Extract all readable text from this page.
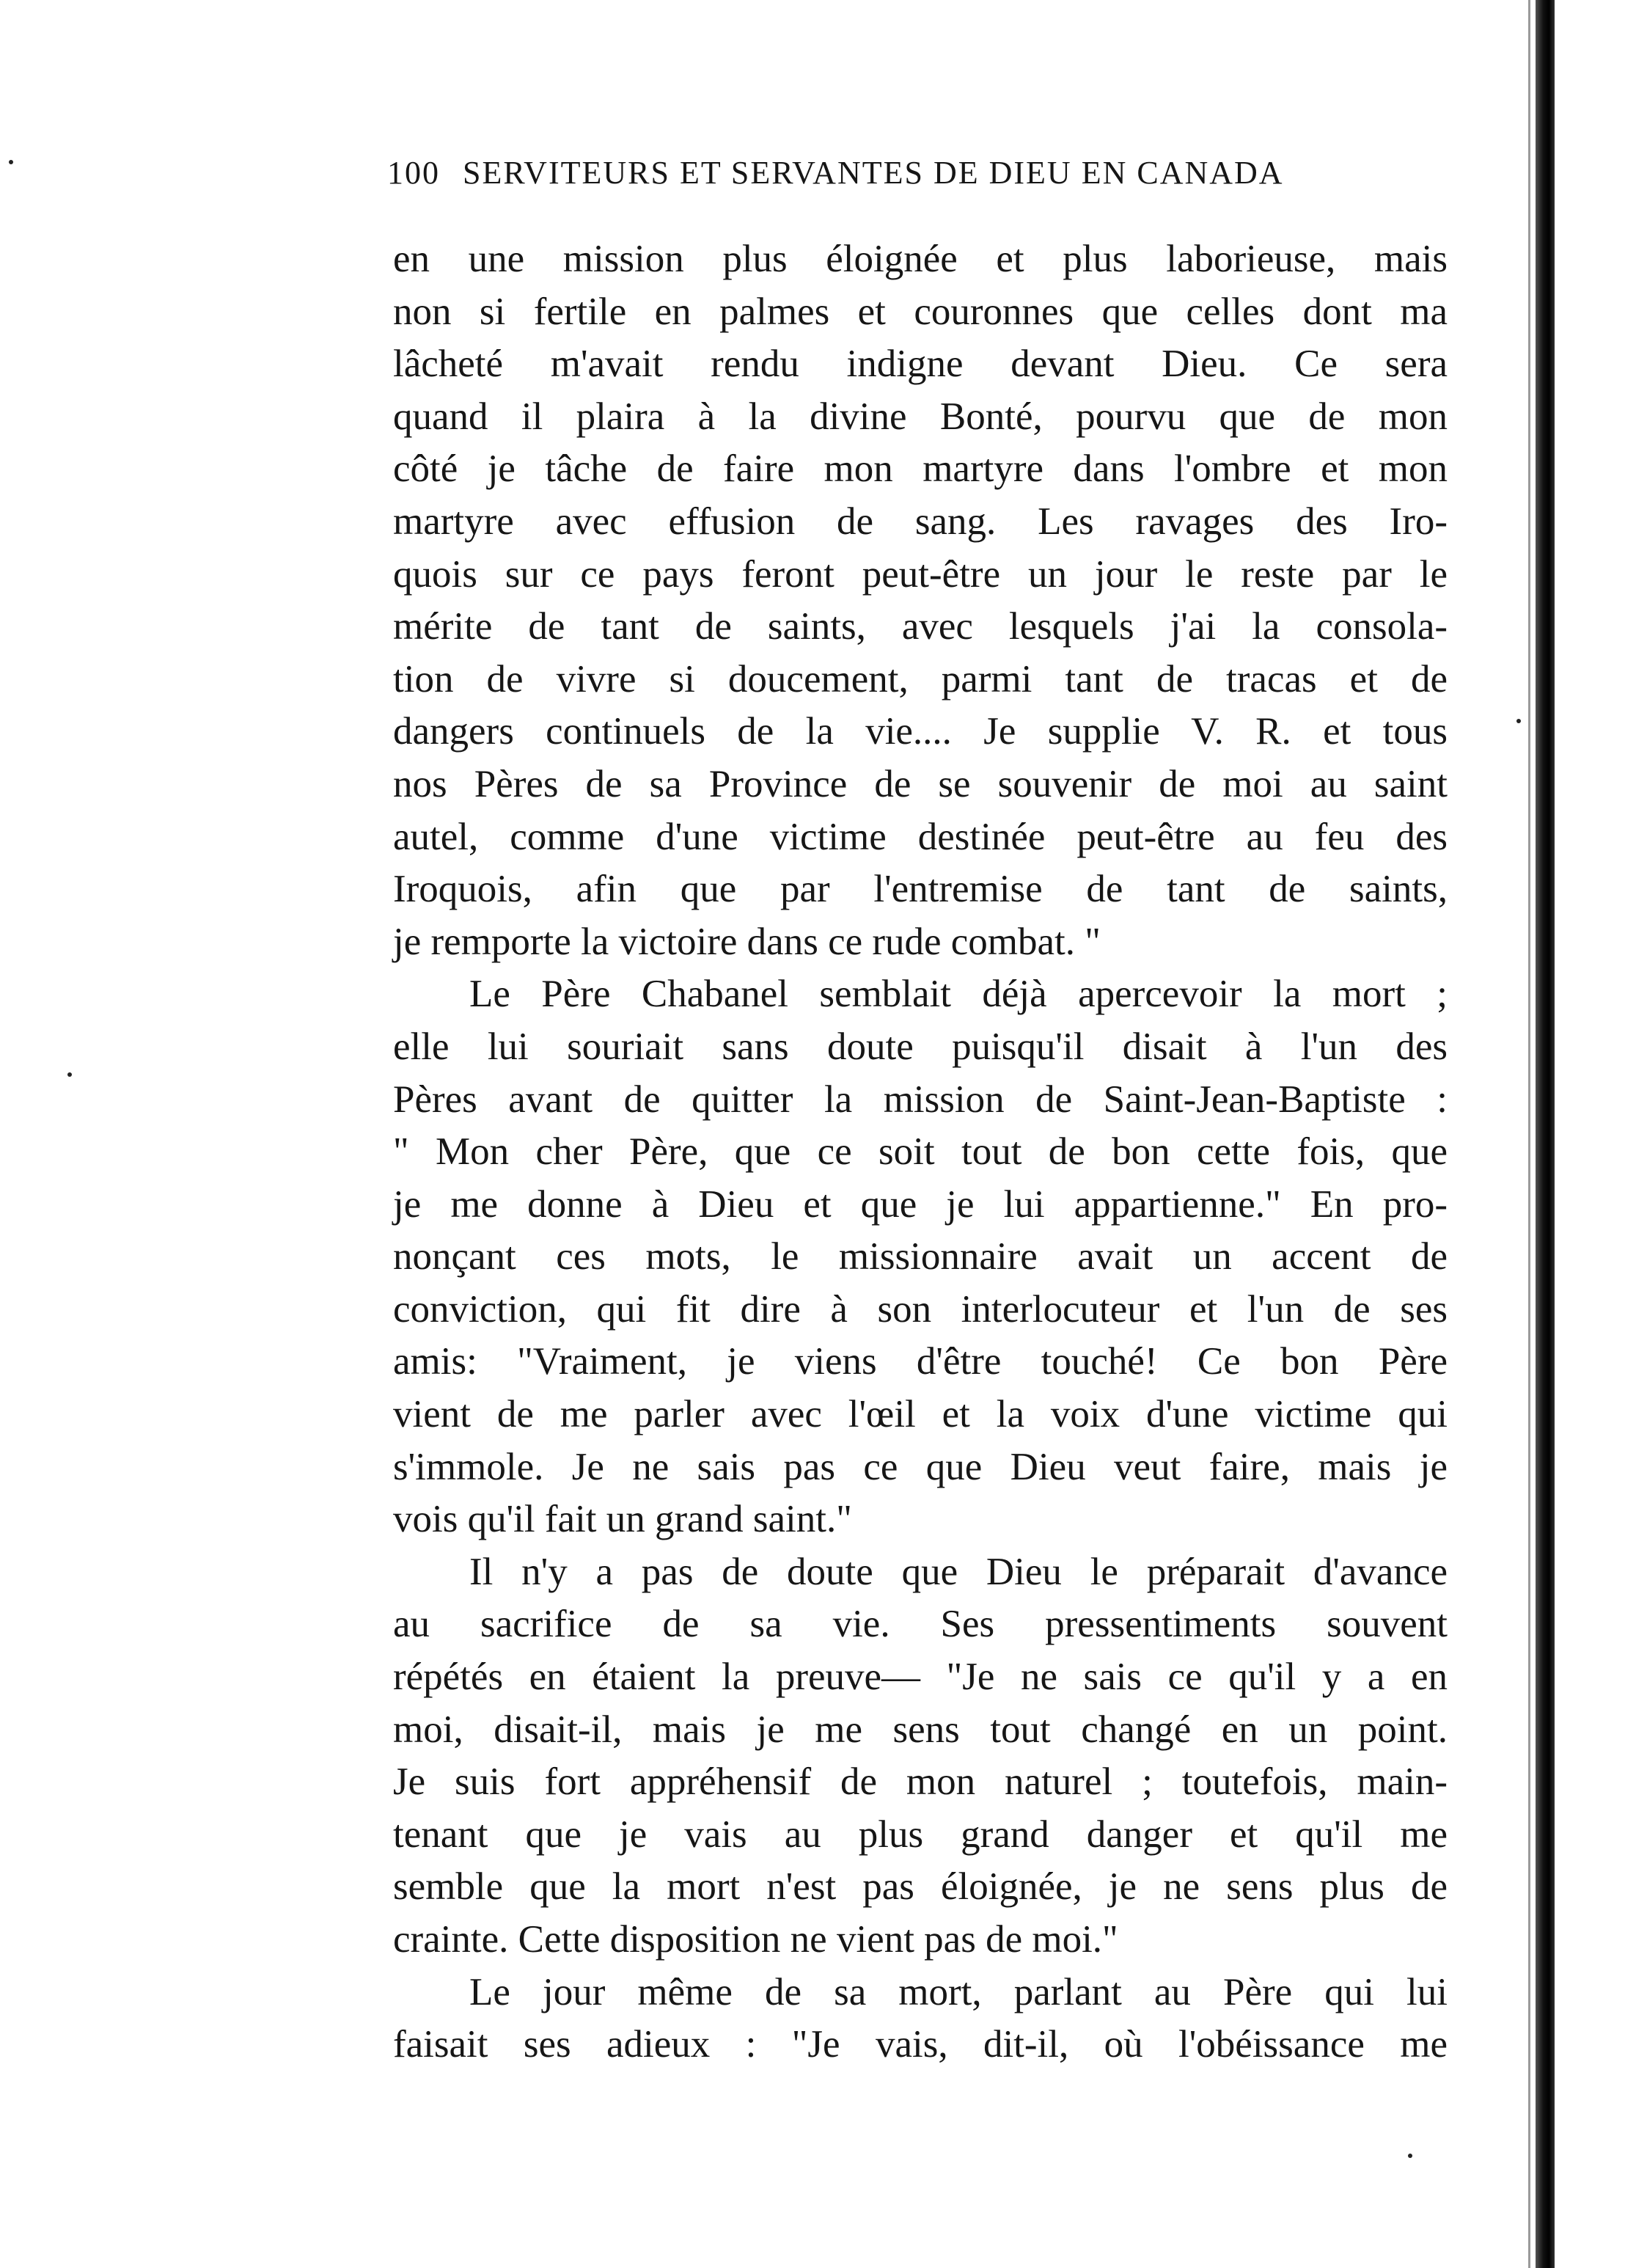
100 SERVITEURS ET SERVANTES DE DIEU EN CANADA
en une mission plus éloignée et plus laborieuse, mais
non si fertile en palmes et couronnes que celles dont ma
lâcheté m'avait rendu indigne devant Dieu. Ce sera
quand il plaira à la divine Bonté, pourvu que de mon
côté je tâche de faire mon martyre dans l'ombre et mon
martyre avec effusion de sang. Les ravages des Iro-
quois sur ce pays feront peut-être un jour le reste par le
mérite de tant de saints, avec lesquels j'ai la consola-
tion de vivre si doucement, parmi tant de tracas et de
dangers continuels de la vie.... Je supplie V. R. et tous
nos Pères de sa Province de se souvenir de moi au saint
autel, comme d'une victime destinée peut-être au feu des
Iroquois, afin que par l'entremise de tant de saints,
je remporte la victoire dans ce rude combat. "
Le Père Chabanel semblait déjà apercevoir la mort ;
elle lui souriait sans doute puisqu'il disait à l'un des
Pères avant de quitter la mission de Saint-Jean-Baptiste :
" Mon cher Père, que ce soit tout de bon cette fois, que
je me donne à Dieu et que je lui appartienne." En pro-
nonçant ces mots, le missionnaire avait un accent de
conviction, qui fit dire à son interlocuteur et l'un de ses
amis: "Vraiment, je viens d'être touché! Ce bon Père
vient de me parler avec l'œil et la voix d'une victime qui
s'immole. Je ne sais pas ce que Dieu veut faire, mais je
vois qu'il fait un grand saint."
Il n'y a pas de doute que Dieu le préparait d'avance
au sacrifice de sa vie. Ses pressentiments souvent
répétés en étaient la preuve— "Je ne sais ce qu'il y a en
moi, disait-il, mais je me sens tout changé en un point.
Je suis fort appréhensif de mon naturel ; toutefois, main-
tenant que je vais au plus grand danger et qu'il me
semble que la mort n'est pas éloignée, je ne sens plus de
crainte. Cette disposition ne vient pas de moi."
Le jour même de sa mort, parlant au Père qui lui
faisait ses adieux : "Je vais, dit-il, où l'obéissance me
